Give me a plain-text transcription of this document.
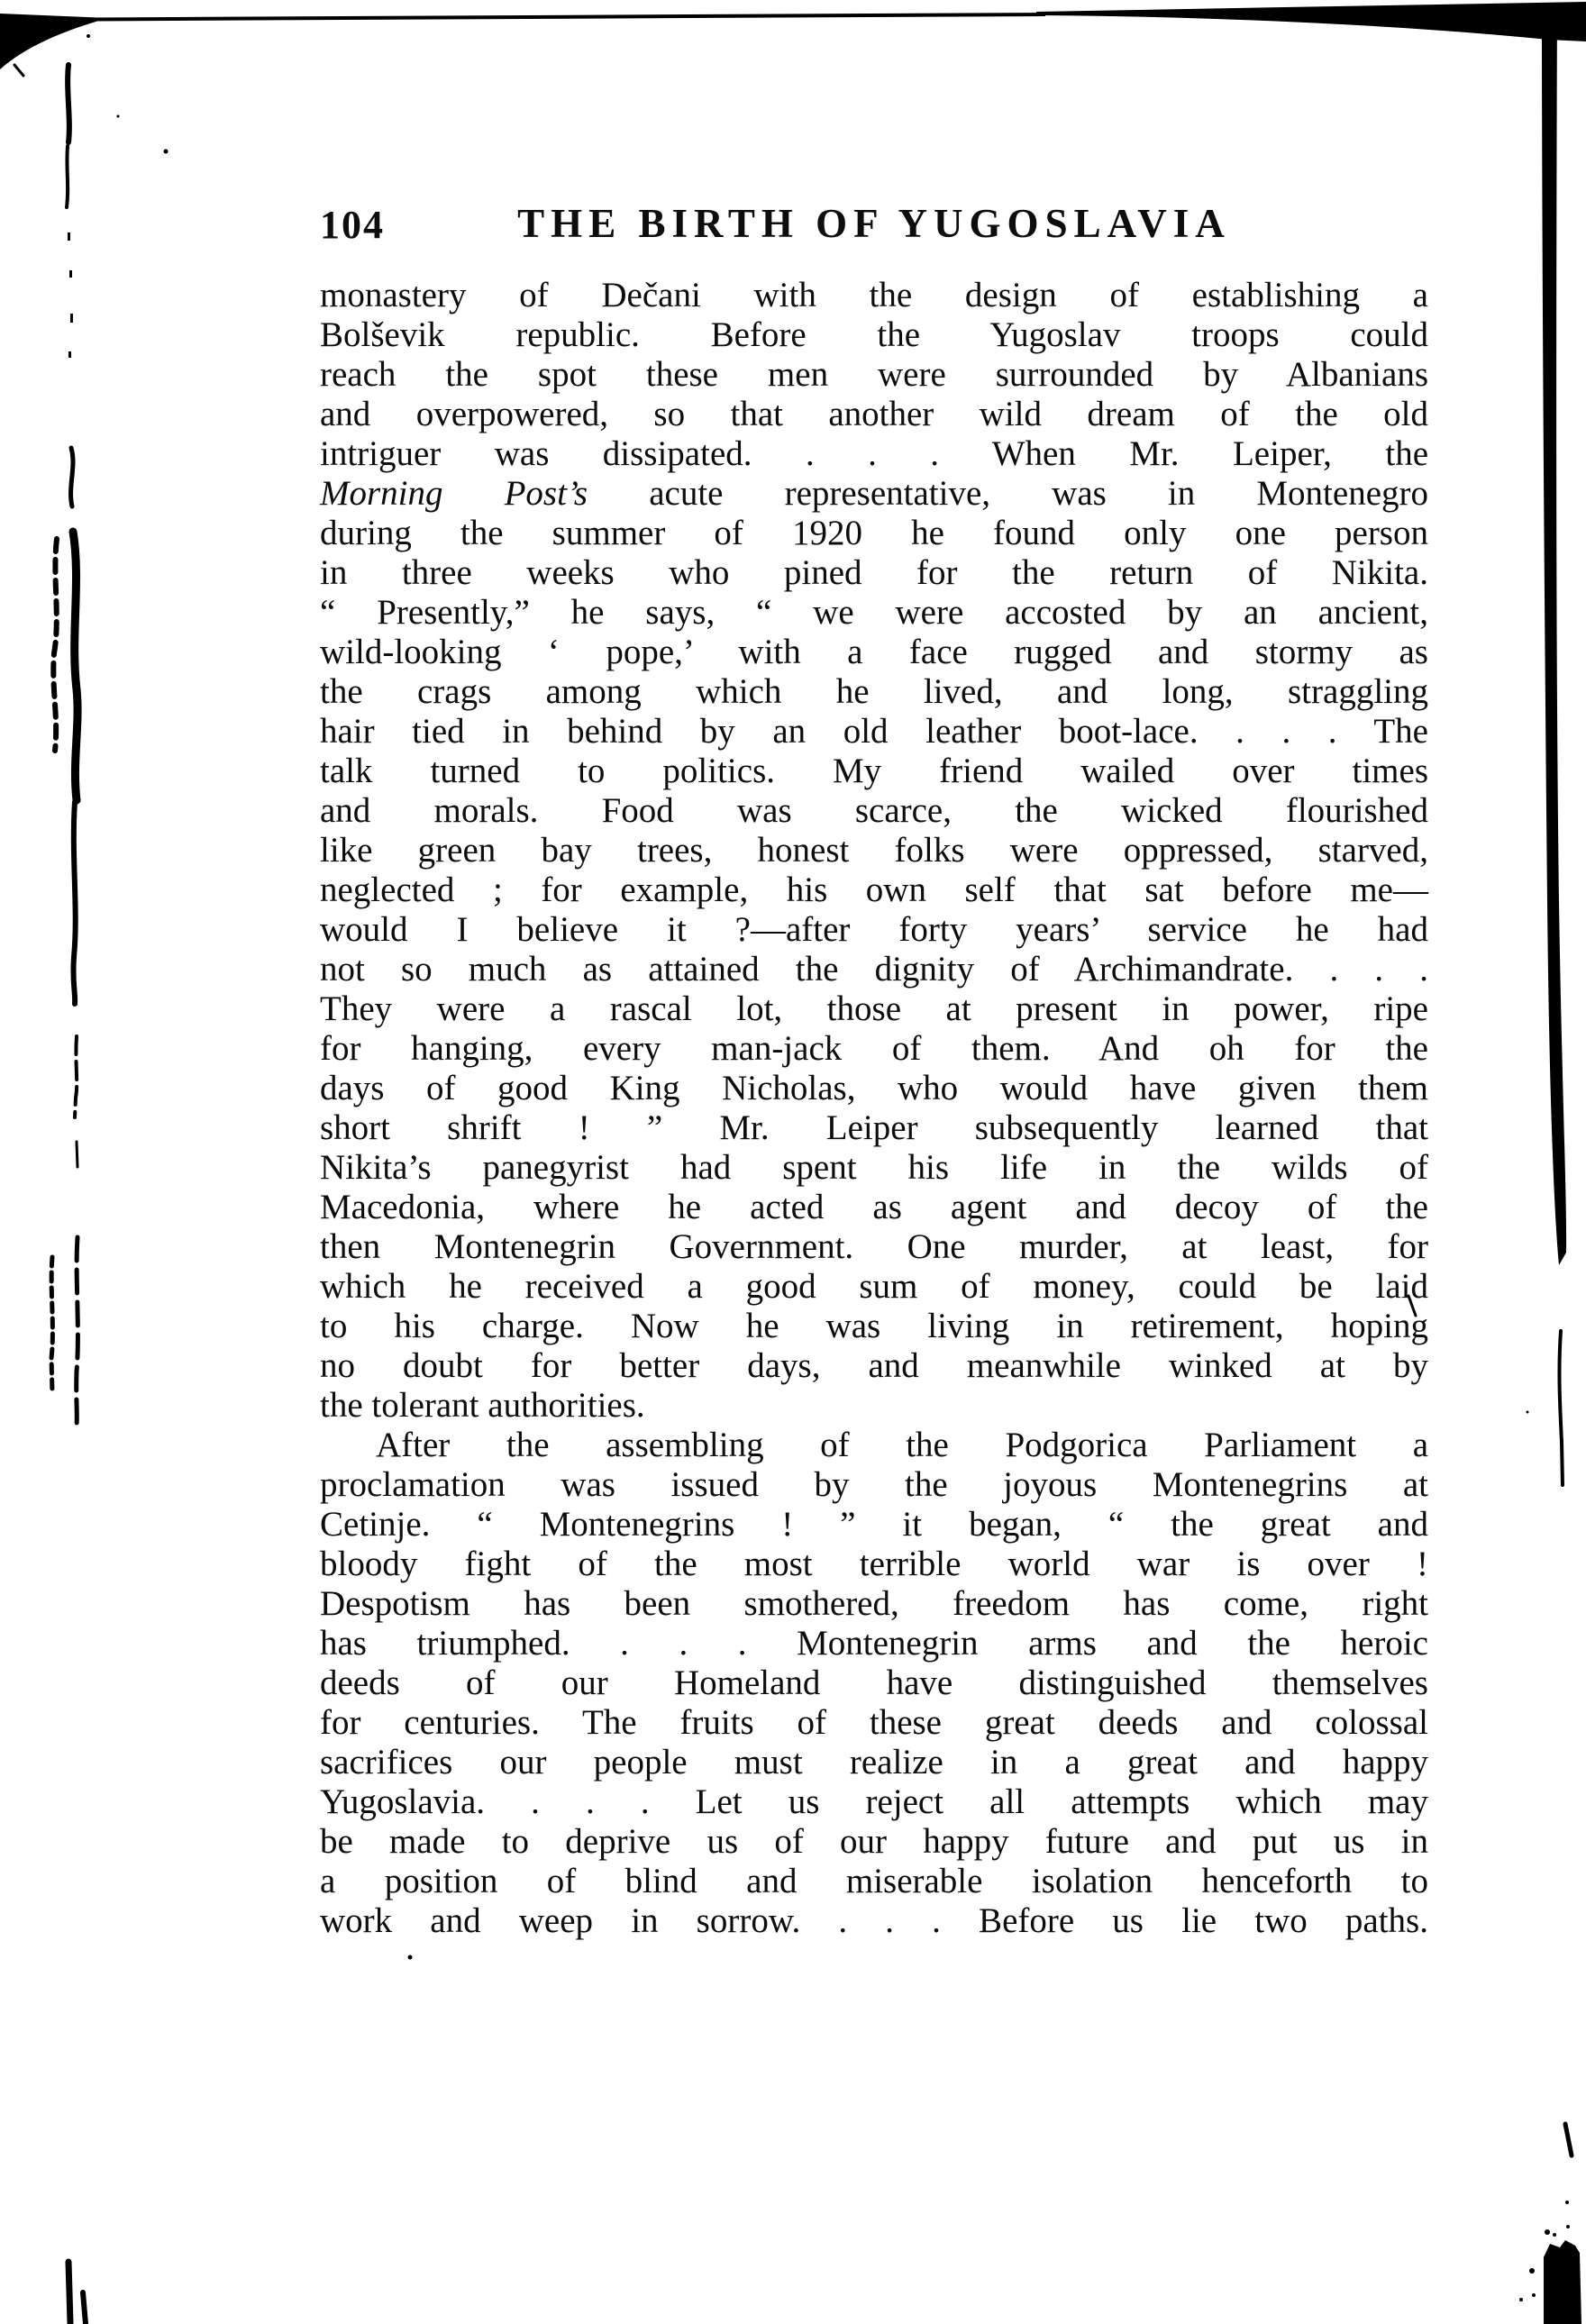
104	THE BIRTH OF YUGOSLAVIA
monastery of Dečani with the design of establishing a
Bolševik republic. Before the Yugoslav troops could
reach the spot these men were surrounded by Albanians
and overpowered, so that another wild dream of the old
intriguer was dissipated. . . . When Mr. Leiper, the
Morning Post’s acute representative, was in Montenegro
during the summer of 1920 he found only one person
in three weeks who pined for the return of Nikita.
“ Presently,” he says, “ we were accosted by an ancient,
wild-looking ‘ pope,’ with a face rugged and stormy as
the crags among which he lived, and long, straggling
hair tied in behind by an old leather boot-lace. . . . The
talk turned to politics. My friend wailed over times
and morals. Food was scarce, the wicked flourished
like green bay trees, honest folks were oppressed, starved,
neglected ; for example, his own self that sat before me—
would I believe it ?—after forty years’ service he had
not so much as attained the dignity of Archimandrate. . . .
They were a rascal lot, those at present in power, ripe
for hanging, every man-jack of them. And oh for the
days of good King Nicholas, who would have given them
short shrift ! ” Mr. Leiper subsequently learned that
Nikita’s panegyrist had spent his life in the wilds of
Macedonia, where he acted as agent and decoy of the
then Montenegrin Government. One murder, at least, for
which he received a good sum of money, could be laid
to his charge. Now he was living in retirement, hoping
no doubt for better days, and meanwhile winked at by
the tolerant authorities.
After the assembling of the Podgorica Parliament a
proclamation was issued by the joyous Montenegrins at
Cetinje. “ Montenegrins ! ” it began, “ the great and
bloody fight of the most terrible world war is over !
Despotism has been smothered, freedom has come, right
has triumphed. . . . Montenegrin arms and the heroic
deeds of our Homeland have distinguished themselves
for centuries. The fruits of these great deeds and colossal
sacrifices our people must realize in a great and happy
Yugoslavia. . . . Let us reject all attempts which may
be made to deprive us of our happy future and put us in
a position of blind and miserable isolation henceforth to
work and weep in sorrow. . . . Before us lie two paths.
